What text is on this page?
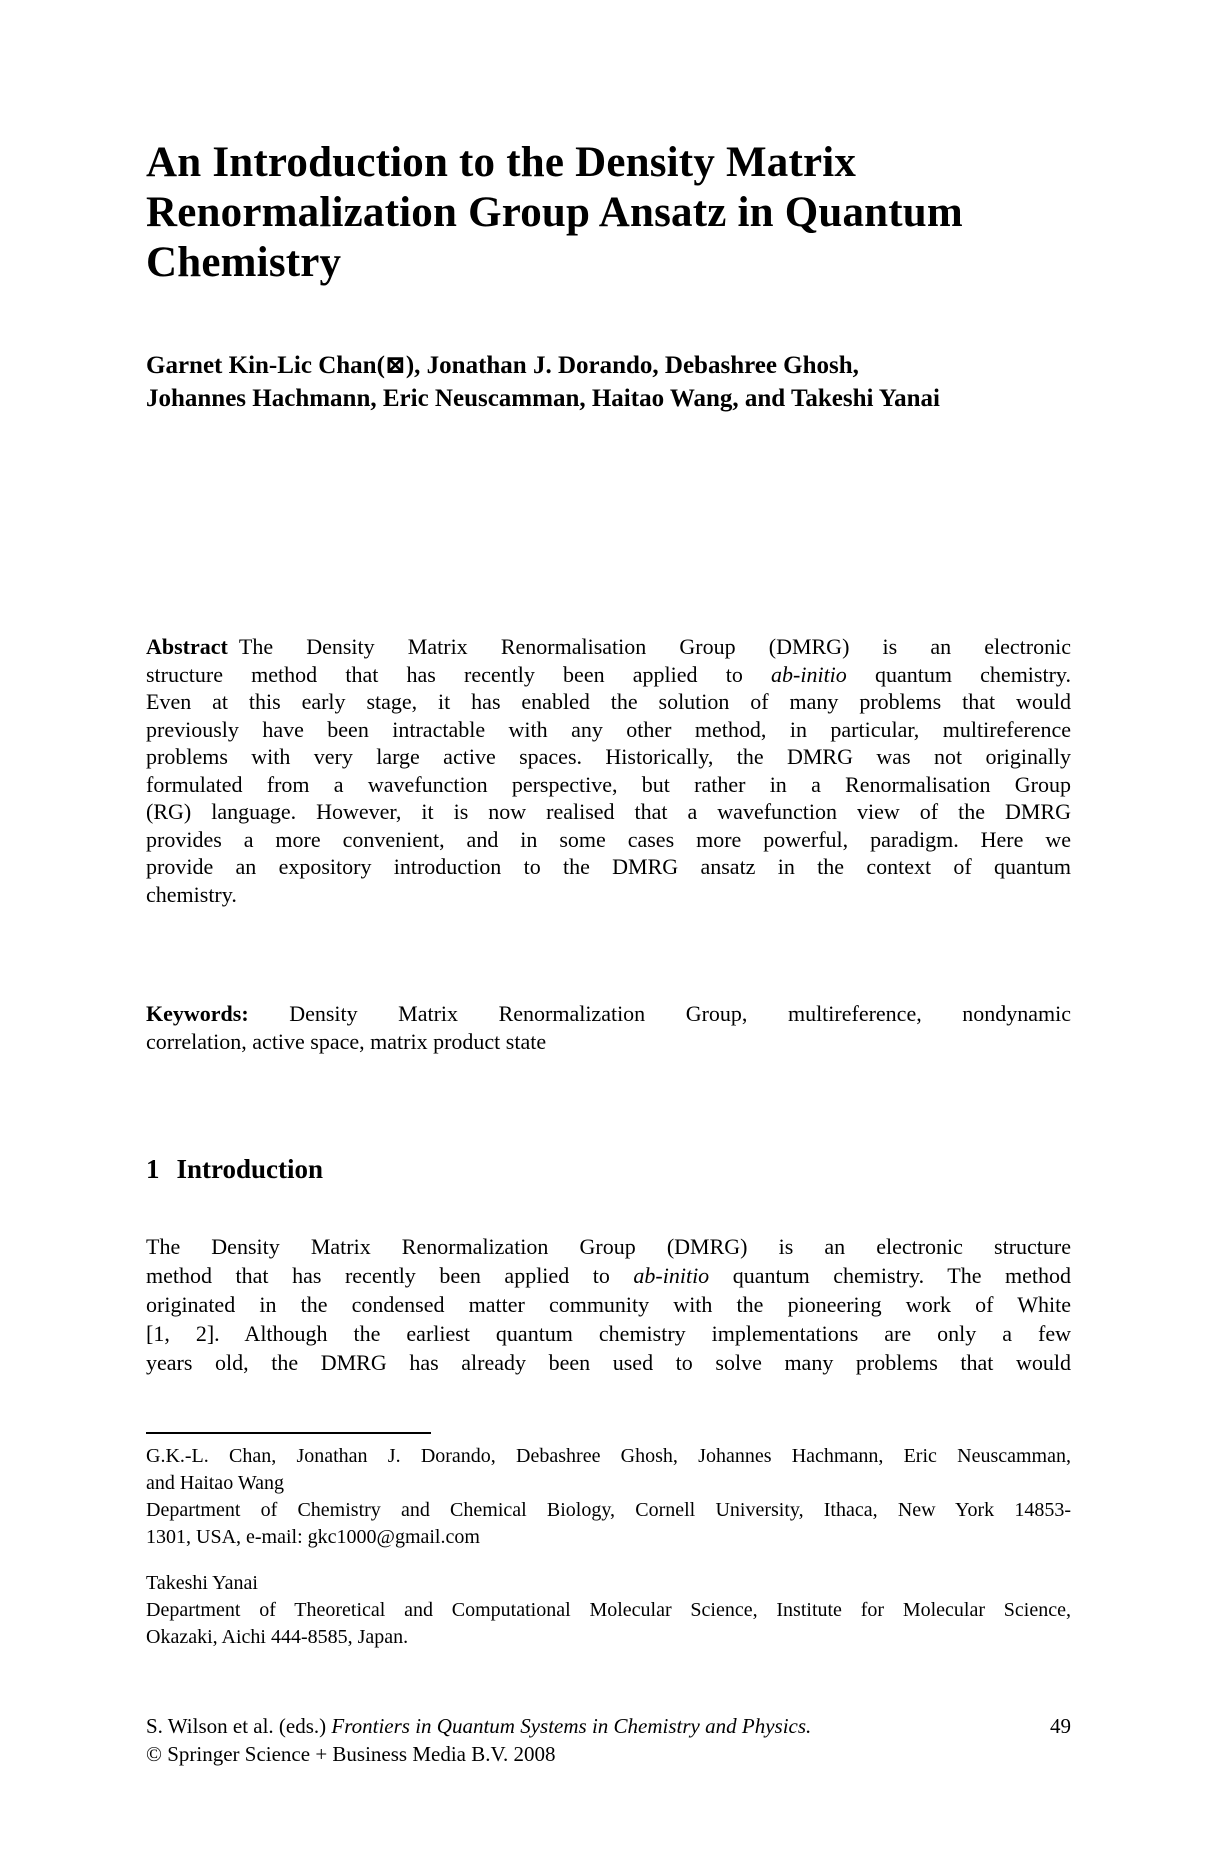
An Introduction to the Density Matrix
Renormalization Group Ansatz in Quantum
Chemistry
Garnet Kin-Lic Chan(⊠), Jonathan J. Dorando, Debashree Ghosh,
Johannes Hachmann, Eric Neuscamman, Haitao Wang, and Takeshi Yanai
Abstract The Density Matrix Renormalisation Group (DMRG) is an electronic
structure method that has recently been applied to ab-initio quantum chemistry.
Even at this early stage, it has enabled the solution of many problems that would
previously have been intractable with any other method, in particular, multireference
problems with very large active spaces. Historically, the DMRG was not originally
formulated from a wavefunction perspective, but rather in a Renormalisation Group
(RG) language. However, it is now realised that a wavefunction view of the DMRG
provides a more convenient, and in some cases more powerful, paradigm. Here we
provide an expository introduction to the DMRG ansatz in the context of quantum
chemistry.
Keywords: Density Matrix Renormalization Group, multireference, nondynamic
correlation, active space, matrix product state
1 Introduction
The Density Matrix Renormalization Group (DMRG) is an electronic structure
method that has recently been applied to ab-initio quantum chemistry. The method
originated in the condensed matter community with the pioneering work of White
[1, 2]. Although the earliest quantum chemistry implementations are only a few
years old, the DMRG has already been used to solve many problems that would
G.K.-L. Chan, Jonathan J. Dorando, Debashree Ghosh, Johannes Hachmann, Eric Neuscamman,
and Haitao Wang
Department of Chemistry and Chemical Biology, Cornell University, Ithaca, New York 14853-
1301, USA, e-mail: gkc1000@gmail.com
Takeshi Yanai
Department of Theoretical and Computational Molecular Science, Institute for Molecular Science,
Okazaki, Aichi 444-8585, Japan.
S. Wilson et al. (eds.) Frontiers in Quantum Systems in Chemistry and Physics.	49
© Springer Science + Business Media B.V. 2008
